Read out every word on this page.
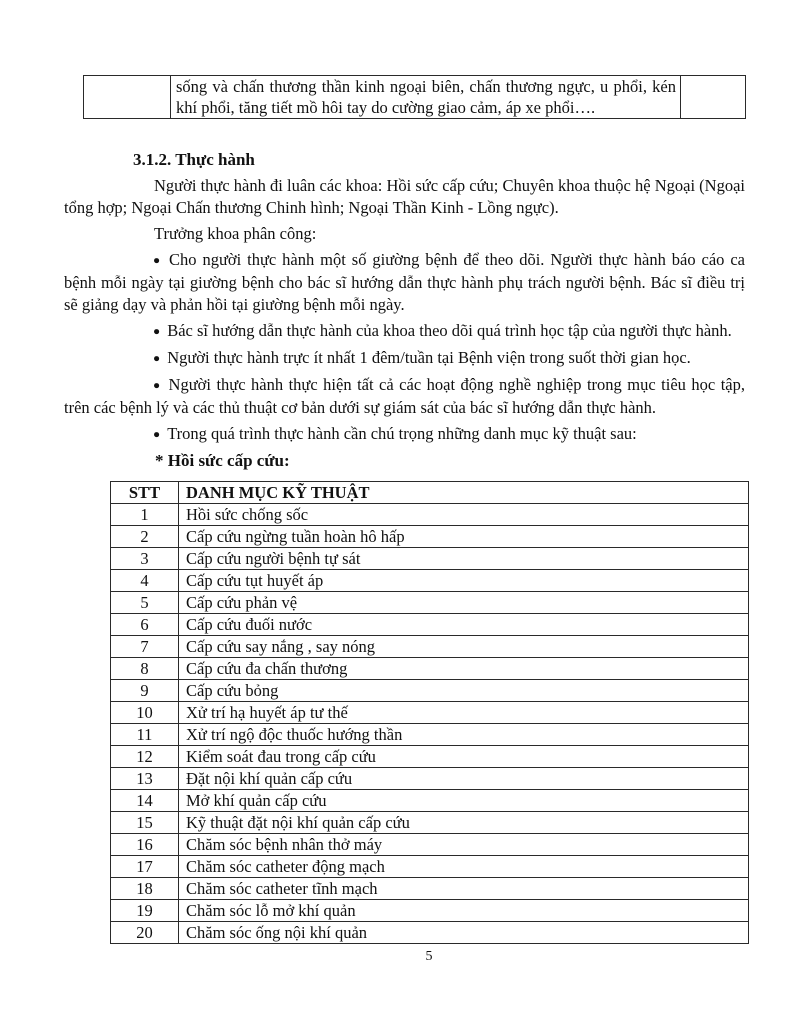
	sống và chấn thương thần kinh ngoại biên, chấn thương ngực, u phổi, kén khí phổi, tăng tiết mồ hôi tay do cường giao cảm, áp xe phổi….	
3.1.2. Thực hành

Người thực hành đi luân các khoa: Hồi sức cấp cứu; Chuyên khoa thuộc hệ Ngoại (Ngoại tổng hợp; Ngoại Chấn thương Chinh hình; Ngoại Thần Kinh - Lồng ngực).

Trưởng khoa phân công:

● Cho người thực hành một số giường bệnh để theo dõi. Người thực hành báo cáo ca bệnh mỗi ngày tại giường bệnh cho bác sĩ hướng dẫn thực hành phụ trách người bệnh. Bác sĩ điều trị sẽ giảng dạy và phản hồi tại giường bệnh mỗi ngày.

● Bác sĩ hướng dẫn thực hành của khoa theo dõi quá trình học tập của người thực hành.

● Người thực hành trực ít nhất 1 đêm/tuần tại Bệnh viện trong suốt thời gian học.

● Người thực hành thực hiện tất cả các hoạt động nghề nghiệp trong mục tiêu học tập, trên các bệnh lý và các thủ thuật cơ bản dưới sự giám sát của bác sĩ hướng dẫn thực hành.

● Trong quá trình thực hành cần chú trọng những danh mục kỹ thuật sau:

* Hồi sức cấp cứu:
STT	DANH MỤC KỸ THUẬT
1	Hồi sức chống sốc
2	Cấp cứu ngừng tuần hoàn hô hấp
3	Cấp cứu người bệnh tự sát
4	Cấp cứu tụt huyết áp
5	Cấp cứu phản vệ
6	Cấp cứu đuối nước
7	Cấp cứu say nắng , say nóng
8	Cấp cứu đa chấn thương
9	Cấp cứu bỏng
10	Xử trí hạ huyết áp tư thế
11	Xử trí ngộ độc thuốc hướng thần
12	Kiểm soát đau trong cấp cứu
13	Đặt nội khí quản cấp cứu
14	Mở khí quản cấp cứu
15	Kỹ thuật đặt nội khí quản cấp cứu
16	Chăm sóc bệnh nhân thở máy
17	Chăm sóc catheter động mạch
18	Chăm sóc catheter tĩnh mạch
19	Chăm sóc lỗ mở khí quản
20	Chăm sóc ống nội khí quản
5
